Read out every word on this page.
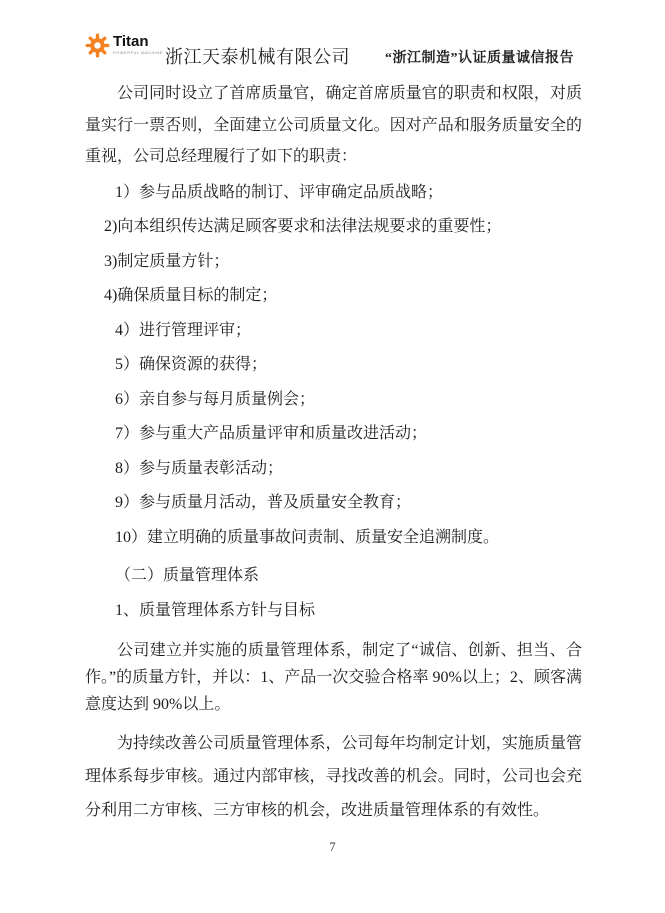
Titan
POWERFUL MACHINE 浙江天泰机械有限公司	“浙江制造”认证质量诚信报告

公司同时设立了首席质量官，确定首席质量官的职责和权限，对质量实行一票否则，全面建立公司质量文化。因对产品和服务质量安全的重视，公司总经理履行了如下的职责：

1）参与品质战略的制订、评审确定品质战略；
2)向本组织传达满足顾客要求和法律法规要求的重要性；
3)制定质量方针；
4)确保质量目标的制定；
4）进行管理评审；
5）确保资源的获得；
6）亲自参与每月质量例会；
7）参与重大产品质量评审和质量改进活动；
8）参与质量表彰活动；
9）参与质量月活动，普及质量安全教育；
10）建立明确的质量事故问责制、质量安全追溯制度。
（二）质量管理体系
1、质量管理体系方针与目标

公司建立并实施的质量管理体系，制定了“诚信、创新、担当、合作。”的质量方针，并以：1、产品一次交验合格率 90%以上；2、顾客满意度达到 90%以上。

为持续改善公司质量管理体系，公司每年均制定计划，实施质量管理体系每步审核。通过内部审核，寻找改善的机会。同时，公司也会充分利用二方审核、三方审核的机会，改进质量管理体系的有效性。

7
